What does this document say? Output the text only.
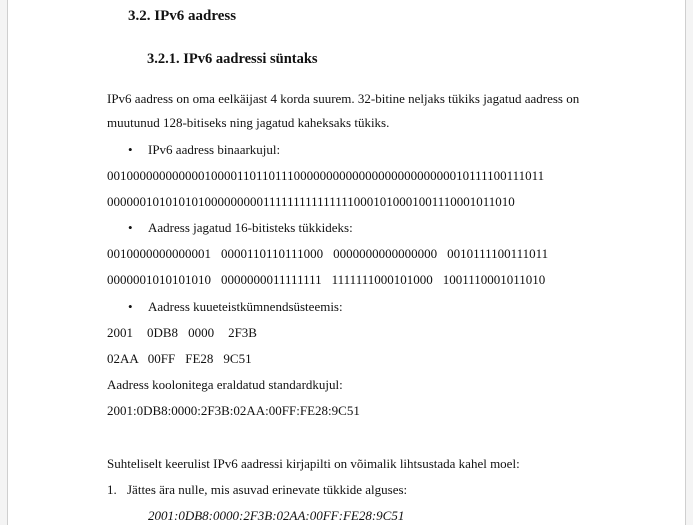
3.2. IPv6 aadress
3.2.1. IPv6 aadressi süntaks
IPv6 aadress on oma eelkäijast 4 korda suurem. 32-bitine neljaks tükiks jagatud aadress on
muutunud 128-bitiseks ning jagatud kaheksaks tükiks.
• IPv6 aadress binaarkujul:
00100000000000010000110110111000000000000000000000000010111100111011
0000001010101010000000001111111111111110001010001001110001011010
• Aadress jagatud 16-bitisteks tükkideks:
0010000000000001 0000110110111000 0000000000000000 0010111100111011
0000001010101010 0000000011111111 1111111000101000 1001110001011010
• Aadress kuueteistkümnendsüsteemis:
2001 0DB8 0000 2F3B
02AA 00FF FE28 9C51
Aadress koolonitega eraldatud standardkujul:
2001:0DB8:0000:2F3B:02AA:00FF:FE28:9C51
Suhteliselt keerulist IPv6 aadressi kirjapilti on võimalik lihtsustada kahel moel:
1. Jättes ära nulle, mis asuvad erinevate tükkide alguses:
2001:0DB8:0000:2F3B:02AA:00FF:FE28:9C51
